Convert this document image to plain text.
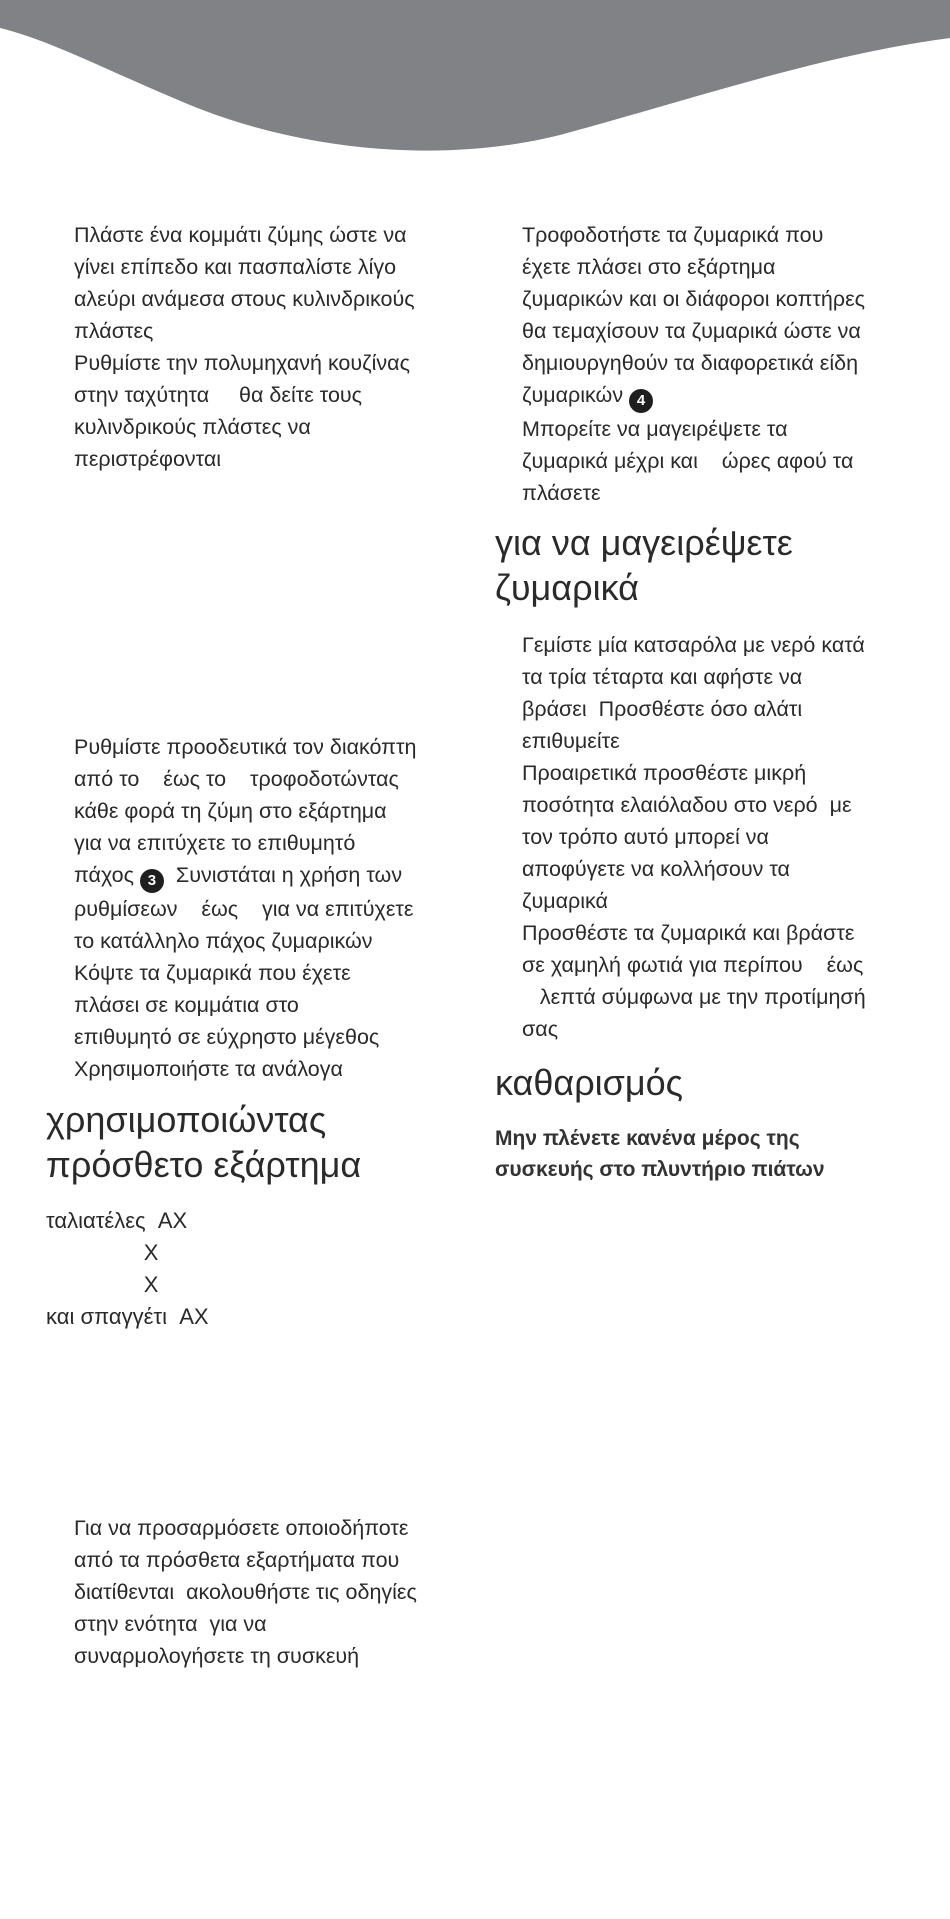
Πλάστε ένα κομμάτι ζύμης ώστε να
γίνει επίπεδο και πασπαλίστε λίγο
αλεύρι ανάμεσα στους κυλινδρικούς
πλάστες
Ρυθμίστε την πολυμηχανή κουζίνας
στην ταχύτητα     θα δείτε τους
κυλινδρικούς πλάστες να
περιστρέφονται

Ρυθμίστε προοδευτικά τον διακόπτη
από το    έως το    τροφοδοτώντας
κάθε φορά τη ζύμη στο εξάρτημα
για να επιτύχετε το επιθυμητό
πάχος 3  Συνιστάται η χρήση των
ρυθμίσεων    έως    για να επιτύχετε
το κατάλληλο πάχος ζυμαρικών
Κόψτε τα ζυμαρικά που έχετε
πλάσει σε κομμάτια στο
επιθυμητό σε εύχρηστο μέγεθος
Χρησιμοποιήστε τα ανάλογα

χρησιμοποιώντας
πρόσθετο εξάρτημα

ταλιατέλες  AX
X
X
και σπαγγέτι  AX

Για να προσαρμόσετε οποιοδήποτε
από τα πρόσθετα εξαρτήματα που
διατίθενται  ακολουθήστε τις οδηγίες
στην ενότητα  για να
συναρμολογήσετε τη συσκευή

Τροφοδοτήστε τα ζυμαρικά που
έχετε πλάσει στο εξάρτημα
ζυμαρικών και οι διάφοροι κοπτήρες
θα τεμαχίσουν τα ζυμαρικά ώστε να
δημιουργηθούν τα διαφορετικά είδη
ζυμαρικών 4
Μπορείτε να μαγειρέψετε τα
ζυμαρικά μέχρι και    ώρες αφού τα
πλάσετε

για να μαγειρέψετε
ζυμαρικά

Γεμίστε μία κατσαρόλα με νερό κατά
τα τρία τέταρτα και αφήστε να
βράσει  Προσθέστε όσο αλάτι
επιθυμείτε
Προαιρετικά προσθέστε μικρή
ποσότητα ελαιόλαδου στο νερό  με
τον τρόπο αυτό μπορεί να
αποφύγετε να κολλήσουν τα
ζυμαρικά
Προσθέστε τα ζυμαρικά και βράστε
σε χαμηλή φωτιά για περίπου    έως
λεπτά σύμφωνα με την προτίμησή
σας

καθαρισμός

Μην πλένετε κανένα μέρος της
συσκευής στο πλυντήριο πιάτων
